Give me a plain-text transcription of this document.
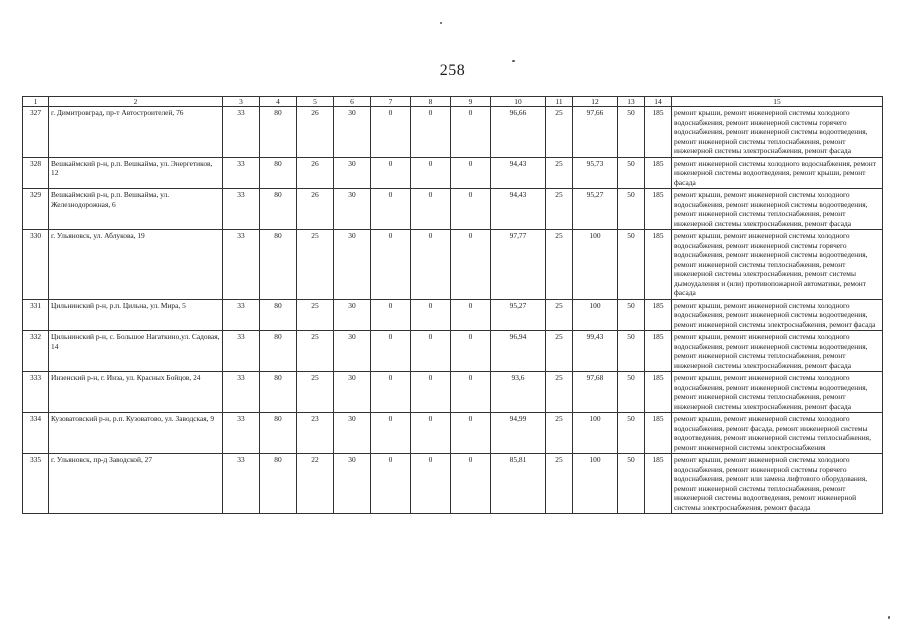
258
1	2	3	4	5	6	7	8	9	10	11	12	13	14	15
327	г. Димитровград, пр-т Автостроителей, 76	33	80	26	30	0	0	0	96,66	25	97,66	50	185	ремонт крыши, ремонт инженерной системы холодного водоснабжения, ремонт инженерной системы горячего водоснабжения, ремонт инженерной системы водоотведения, ремонт инженерной системы теплоснабжения, ремонт инженерной системы электроснабжения, ремонт фасада
328	Вешкаймский р-н, р.п. Вешкайма, ул. Энергетиков, 12	33	80	26	30	0	0	0	94,43	25	95,73	50	185	ремонт инженерной системы холодного водоснабжения, ремонт инженерной системы водоотведения, ремонт крыши, ремонт фасада
329	Вешкаймский р-н, р.п. Вешкайма, ул. Железнодорожная, 6	33	80	26	30	0	0	0	94,43	25	95,27	50	185	ремонт крыши, ремонт инженерной системы холодного водоснабжения, ремонт инженерной системы водоотведения, ремонт инженерной системы теплоснабжения, ремонт инженерной системы электроснабжения, ремонт фасада
330	г. Ульяновск, ул. Аблукова, 19	33	80	25	30	0	0	0	97,77	25	100	50	185	ремонт крыши, ремонт инженерной системы холодного водоснабжения, ремонт инженерной системы горячего водоснабжения, ремонт инженерной системы водоотведения, ремонт инженерной системы теплоснабжения, ремонт инженерной системы электроснабжения, ремонт системы дымоудаления и (или) противопожарной автоматики, ремонт фасада
331	Цильнинский р-н, р.п. Цильна, ул. Мира, 5	33	80	25	30	0	0	0	95,27	25	100	50	185	ремонт крыши, ремонт инженерной системы холодного водоснабжения, ремонт инженерной системы водоотведения, ремонт инженерной системы электроснабжения, ремонт фасада
332	Цильнинский р-н, с. Большое Нагаткино,ул. Садовая, 14	33	80	25	30	0	0	0	96,94	25	99,43	50	185	ремонт крыши, ремонт инженерной системы холодного водоснабжения, ремонт инженерной системы водоотведения, ремонт инженерной системы теплоснабжения, ремонт инженерной системы электроснабжения, ремонт фасада
333	Инзенский р-н, г. Инза, ул. Красных Бойцов, 24	33	80	25	30	0	0	0	93,6	25	97,68	50	185	ремонт крыши, ремонт инженерной системы холодного водоснабжения, ремонт инженерной системы водоотведения, ремонт инженерной системы теплоснабжения, ремонт инженерной системы электроснабжения, ремонт фасада
334	Кузоватовский р-н, р.п. Кузоватово, ул. Заводская, 9	33	80	23	30	0	0	0	94,99	25	100	50	185	ремонт крыши, ремонт инженерной системы холодного водоснабжения, ремонт фасада, ремонт инженерной системы водоотведения, ремонт инженерной системы теплоснабжения, ремонт инженерной системы электроснабжения
335	г. Ульяновск, пр-д Заводской, 27	33	80	22	30	0	0	0	85,81	25	100	50	185	ремонт крыши, ремонт инженерной системы холодного водоснабжения, ремонт инженерной системы горячего водоснабжения, ремонт или замена лифтового оборудования, ремонт инженерной системы теплоснабжения, ремонт инженерной системы водоотведения, ремонт инженерной системы электроснабжения, ремонт фасада
